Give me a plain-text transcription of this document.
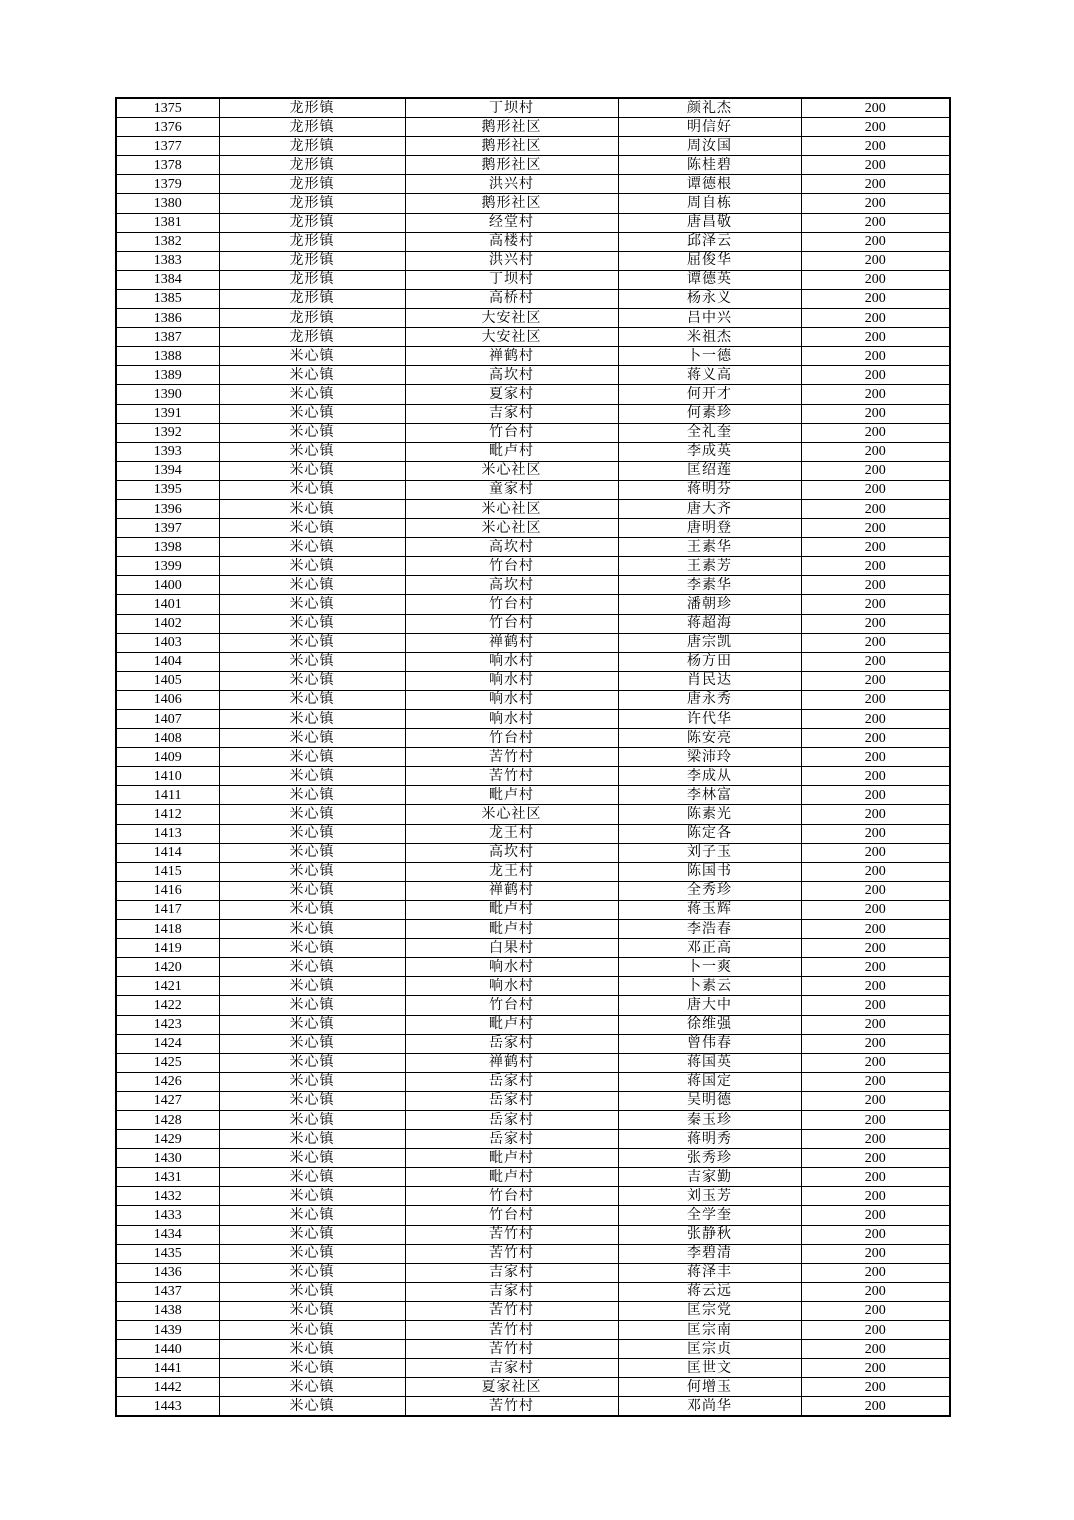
1375	龙形镇	丁坝村	颜礼杰	200
1376	龙形镇	鹅形社区	明信好	200
1377	龙形镇	鹅形社区	周汝国	200
1378	龙形镇	鹅形社区	陈桂碧	200
1379	龙形镇	洪兴村	谭德根	200
1380	龙形镇	鹅形社区	周自栋	200
1381	龙形镇	经堂村	唐昌敬	200
1382	龙形镇	高楼村	邱泽云	200
1383	龙形镇	洪兴村	屈俊华	200
1384	龙形镇	丁坝村	谭德英	200
1385	龙形镇	高桥村	杨永义	200
1386	龙形镇	大安社区	吕中兴	200
1387	龙形镇	大安社区	米祖杰	200
1388	米心镇	禅鹤村	卜一德	200
1389	米心镇	高坎村	蒋义高	200
1390	米心镇	夏家村	何开才	200
1391	米心镇	吉家村	何素珍	200
1392	米心镇	竹台村	全礼奎	200
1393	米心镇	毗卢村	李成英	200
1394	米心镇	米心社区	匡绍莲	200
1395	米心镇	童家村	蒋明芬	200
1396	米心镇	米心社区	唐大齐	200
1397	米心镇	米心社区	唐明登	200
1398	米心镇	高坎村	王素华	200
1399	米心镇	竹台村	王素芳	200
1400	米心镇	高坎村	李素华	200
1401	米心镇	竹台村	潘朝珍	200
1402	米心镇	竹台村	蒋超海	200
1403	米心镇	禅鹤村	唐宗凯	200
1404	米心镇	响水村	杨方田	200
1405	米心镇	响水村	肖民达	200
1406	米心镇	响水村	唐永秀	200
1407	米心镇	响水村	许代华	200
1408	米心镇	竹台村	陈安亮	200
1409	米心镇	苦竹村	梁沛玲	200
1410	米心镇	苦竹村	李成从	200
1411	米心镇	毗卢村	李林富	200
1412	米心镇	米心社区	陈素光	200
1413	米心镇	龙王村	陈定各	200
1414	米心镇	高坎村	刘子玉	200
1415	米心镇	龙王村	陈国书	200
1416	米心镇	禅鹤村	全秀珍	200
1417	米心镇	毗卢村	蒋玉辉	200
1418	米心镇	毗卢村	李浩春	200
1419	米心镇	白果村	邓正高	200
1420	米心镇	响水村	卜一爽	200
1421	米心镇	响水村	卜素云	200
1422	米心镇	竹台村	唐大中	200
1423	米心镇	毗卢村	徐维强	200
1424	米心镇	岳家村	曾伟春	200
1425	米心镇	禅鹤村	蒋国英	200
1426	米心镇	岳家村	蒋国定	200
1427	米心镇	岳家村	吴明德	200
1428	米心镇	岳家村	秦玉珍	200
1429	米心镇	岳家村	蒋明秀	200
1430	米心镇	毗卢村	张秀珍	200
1431	米心镇	毗卢村	吉家勤	200
1432	米心镇	竹台村	刘玉芳	200
1433	米心镇	竹台村	全学奎	200
1434	米心镇	苦竹村	张静秋	200
1435	米心镇	苦竹村	李碧清	200
1436	米心镇	吉家村	蒋泽丰	200
1437	米心镇	吉家村	蒋云远	200
1438	米心镇	苦竹村	匡宗党	200
1439	米心镇	苦竹村	匡宗南	200
1440	米心镇	苦竹村	匡宗贞	200
1441	米心镇	吉家村	匡世文	200
1442	米心镇	夏家社区	何增玉	200
1443	米心镇	苦竹村	邓尚华	200
